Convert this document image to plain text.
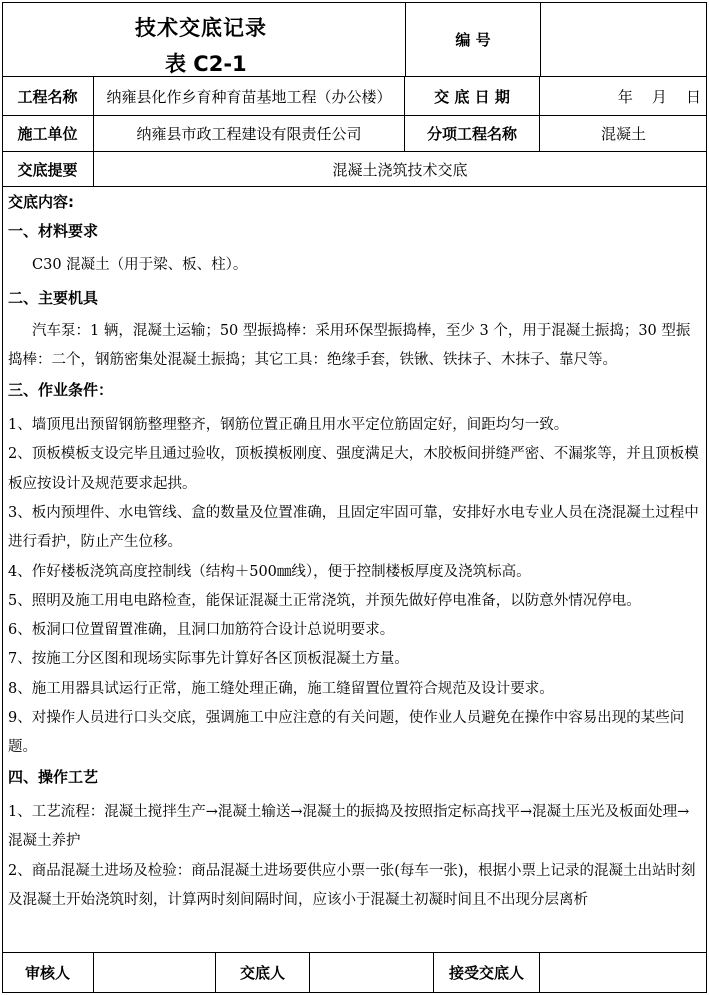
技术交底记录
表 C2-1
编 号
工程名称	纳雍县化作乡育种育苗基地工程（办公楼）	交 底 日 期	年    月    日
施工单位	纳雍县市政工程建设有限责任公司	分项工程名称	混凝土
交底提要	混凝土浇筑技术交底

交底内容:

一、材料要求

C30 混凝土（用于梁、板、柱）。

二、主要机具

汽车泵：1 辆，混凝土运输；50 型振捣棒：采用环保型振捣棒，至少 3 个，用于混凝土振捣；30 型振捣棒：二个，钢筋密集处混凝土振捣；其它工具：绝缘手套，铁锹、铁抹子、木抹子、靠尺等。

三、作业条件：

1、墙顶甩出预留钢筋整理整齐，钢筋位置正确且用水平定位筋固定好，间距均匀一致。

2、顶板模板支设完毕且通过验收，顶板摸板刚度、强度满足大，木胶板间拼缝严密、不漏浆等，并且顶板模板应按设计及规范要求起拱。

3、板内预埋件、水电管线、盒的数量及位置准确，且固定牢固可靠，安排好水电专业人员在浇混凝土过程中进行看护，防止产生位移。

4、作好楼板浇筑高度控制线（结构＋500㎜线），便于控制楼板厚度及浇筑标高。

5、照明及施工用电电路检查，能保证混凝土正常浇筑，并预先做好停电准备，以防意外情况停电。

6、板洞口位置留置准确，且洞口加筋符合设计总说明要求。

7、按施工分区图和现场实际事先计算好各区顶板混凝土方量。

8、施工用器具试运行正常，施工缝处理正确，施工缝留置位置符合规范及设计要求。

9、对操作人员进行口头交底，强调施工中应注意的有关问题，使作业人员避免在操作中容易出现的某些问题。

四、操作工艺

1、工艺流程：混凝土搅拌生产→混凝土输送→混凝土的振捣及按照指定标高找平→混凝土压光及板面处理→混凝土养护

2、商品混凝土进场及检验：商品混凝土进场要供应小票一张(每车一张)，根据小票上记录的混凝土出站时刻及混凝土开始浇筑时刻，计算两时刻间隔时间，应该小于混凝土初凝时间且不出现分层离析

审核人	交底人	接受交底人
